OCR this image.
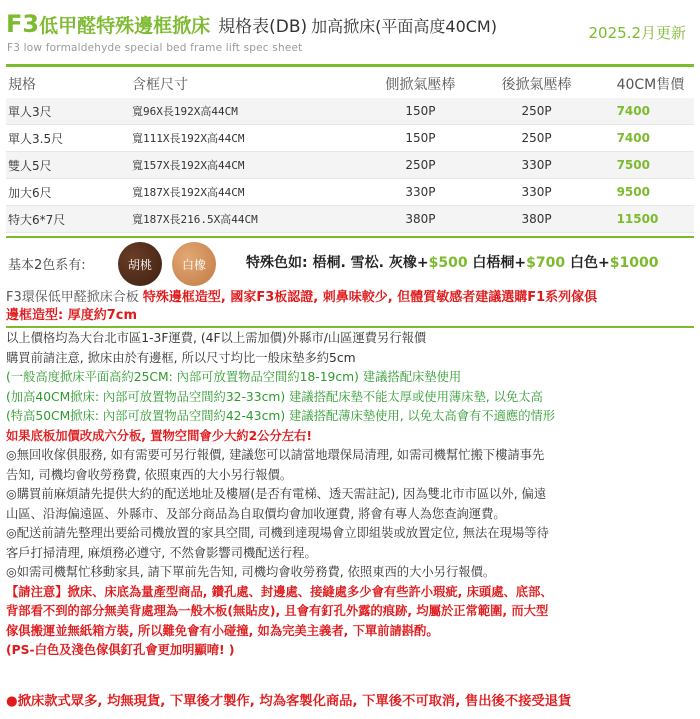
F3低甲醛特殊邊框掀床 規格表(DB) 加高掀床(平面高度40CM)	2025.2月更新
F3 low formaldehyde special bed frame lift spec sheet
規格	含框尺寸	側掀氣壓棒	後掀氣壓棒	40CM售價
單人3尺	寬96X長192X高44CM	150P	250P	7400
單人3.5尺	寬111X長192X高44CM	150P	250P	7400
雙人5尺	寬157X長192X高44CM	250P	330P	7500
加大6尺	寬187X長192X高44CM	330P	330P	9500
特大6*7尺	寬187X長216.5X高44CM	380P	380P	11500
基本2色系有:	胡桃 白橡	特殊色如: 梧桐. 雪松. 灰橡+$500 白梧桐+$700 白色+$1000
F3環保低甲醛掀床合板 特殊邊框造型, 國家F3板認證, 刺鼻味較少, 但體質敏感者建議選購F1系列傢俱
邊框造型: 厚度約7cm
以上價格均為大台北市區1-3F運費, (4F以上需加價)外縣市/山區運費另行報價
購買前請注意, 掀床由於有邊框, 所以尺寸均比一般床墊多約5cm
(一般高度掀床平面高約25CM: 內部可放置物品空間約18-19cm) 建議搭配床墊使用
(加高40CM掀床: 內部可放置物品空間約32-33cm) 建議搭配床墊不能太厚或使用薄床墊, 以免太高
(特高50CM掀床: 內部可放置物品空間約42-43cm) 建議搭配薄床墊使用, 以免太高會有不適應的情形
如果底板加價改成六分板, 置物空間會少大約2公分左右!
◎無回收傢俱服務, 如有需要可另行報價, 建議您可以請當地環保局清理, 如需司機幫忙搬下樓請事先
告知, 司機均會收勞務費, 依照東西的大小另行報價。
◎購買前麻煩請先提供大約的配送地址及樓層(是否有電梯、透天需註記), 因為雙北市市區以外, 偏遠
山區、沿海偏遠區、外縣市、及部分商品為自取價均會加收運費, 將會有專人為您查詢運費。
◎配送前請先整理出要給司機放置的家具空間, 司機到達現場會立即組裝或放置定位, 無法在現場等待
客戶打掃清理, 麻煩務必遵守, 不然會影響司機配送行程。
◎如需司機幫忙移動家具, 請下單前先告知, 司機均會收勞務費, 依照東西的大小另行報價。
【請注意】掀床、床底為量產型商品, 鑽孔處、封邊處、接縫處多少會有些許小瑕疵, 床頭處、底部、
背部看不到的部分無美背處理為一般木板(無貼皮), 且會有釘孔外露的痕跡, 均屬於正常範圍, 而大型
傢俱搬運並無紙箱方裝, 所以難免會有小碰撞, 如為完美主義者, 下單前請斟酌。
(PS-白色及淺色傢俱釘孔會更加明顯唷! )
●掀床款式眾多, 均無現貨, 下單後才製作, 均為客製化商品, 下單後不可取消, 售出後不接受退貨
